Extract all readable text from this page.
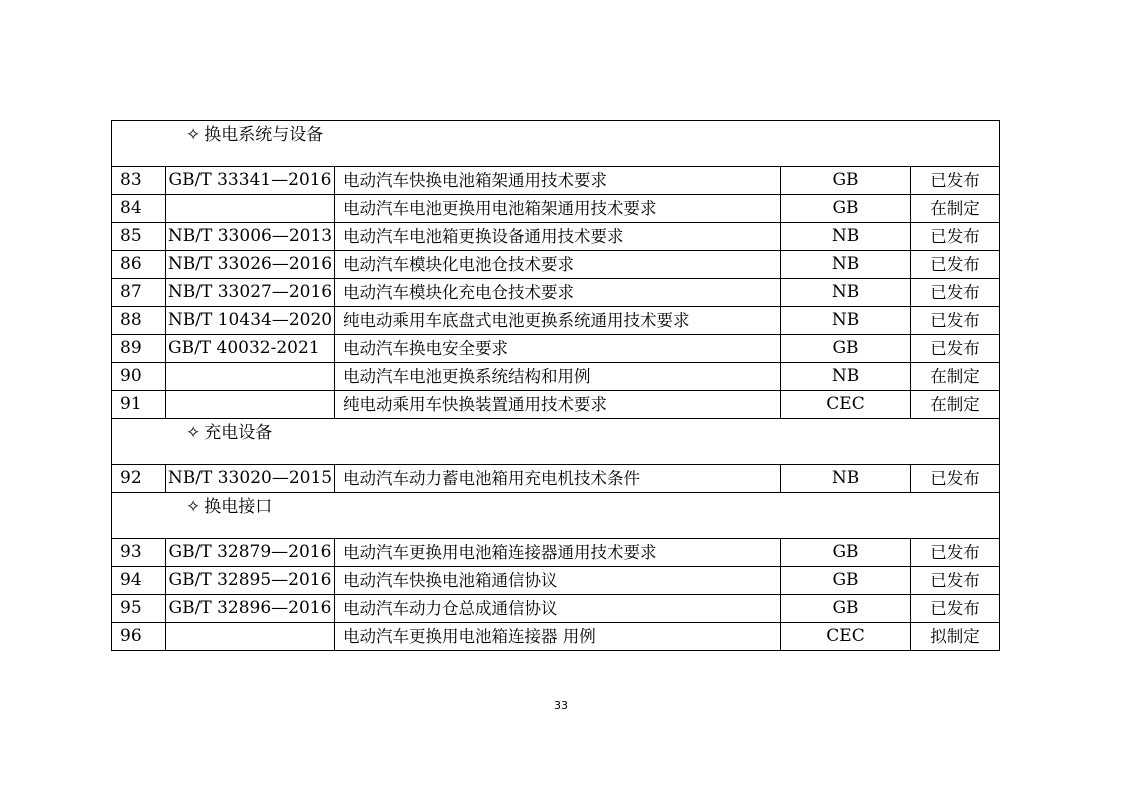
✧ 换电系统与设备				
83	GB/T 33341—2016	电动汽车快换电池箱架通用技术要求	GB	已发布
84		电动汽车电池更换用电池箱架通用技术要求	GB	在制定
85	NB/T 33006—2013	电动汽车电池箱更换设备通用技术要求	NB	已发布
86	NB/T 33026—2016	电动汽车模块化电池仓技术要求	NB	已发布
87	NB/T 33027—2016	电动汽车模块化充电仓技术要求	NB	已发布
88	NB/T 10434—2020	纯电动乘用车底盘式电池更换系统通用技术要求	NB	已发布
89	GB/T 40032-2021	电动汽车换电安全要求	GB	已发布
90		电动汽车电池更换系统结构和用例	NB	在制定
91		纯电动乘用车快换装置通用技术要求	CEC	在制定
✧ 充电设备				
92	NB/T 33020—2015	电动汽车动力蓄电池箱用充电机技术条件	NB	已发布
✧ 换电接口				
93	GB/T 32879—2016	电动汽车更换用电池箱连接器通用技术要求	GB	已发布
94	GB/T 32895—2016	电动汽车快换电池箱通信协议	GB	已发布
95	GB/T 32896—2016	电动汽车动力仓总成通信协议	GB	已发布
96		电动汽车更换用电池箱连接器 用例	CEC	拟制定
33
